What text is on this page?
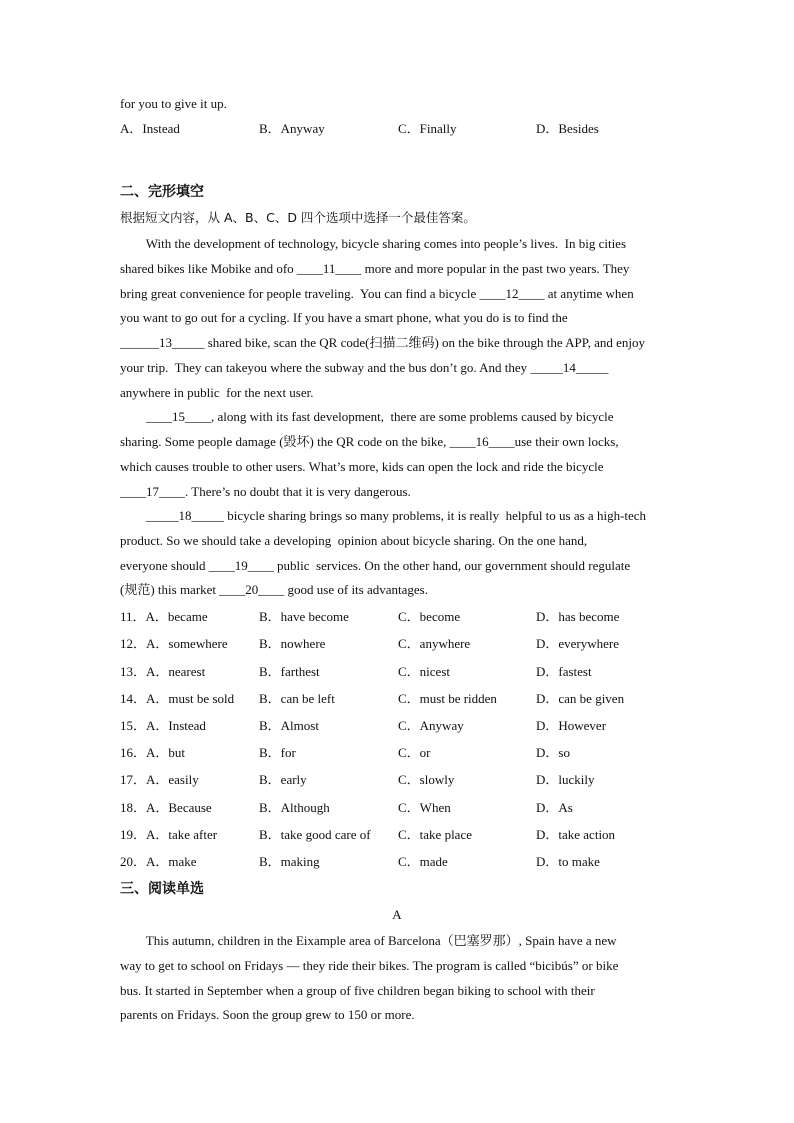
for you to give it up.
A．Instead	B．Anyway	C．Finally	D．Besides
二、完形填空
根据短文内容，从 A、B、C、D 四个选项中选择一个最佳答案。
With the development of technology, bicycle sharing comes into people’s lives.  In big cities
shared bikes like Mobike and ofo ____11____ more and more popular in the past two years. They
bring great convenience for people traveling.  You can find a bicycle ____12____ at anytime when
you want to go out for a cycling. If you have a smart phone, what you do is to find the
______13_____ shared bike, scan the QR code(扫描二维码) on the bike through the APP, and enjoy
your trip.  They can takeyou where the subway and the bus don’t go. And they _____14_____
anywhere in public  for the next user.
____15____, along with its fast development,  there are some problems caused by bicycle
sharing. Some people damage (毁坏) the QR code on the bike, ____16____use their own locks,
which causes trouble to other users. What’s more, kids can open the lock and ride the bicycle
____17____. There’s no doubt that it is very dangerous.
_____18_____ bicycle sharing brings so many problems, it is really  helpful to us as a high-tech
product. So we should take a developing  opinion about bicycle sharing. On the one hand,
everyone should ____19____ public  services. On the other hand, our government should regulate
(规范) this market ____20____ good use of its advantages.
11．A．became	B．have become	C．become	D．has become
12．A．somewhere B．nowhere	C．anywhere	D．everywhere
13．A．nearest	B．farthest	C．nicest	D．fastest
14．A．must be sold B．can be left	C．must be ridden	D．can be given
15．A．Instead	B．Almost	C．Anyway	D．However
16．A．but	B．for	C．or	D．so
17．A．easily	B．early	C．slowly	D．luckily
18．A．Because	B．Although	C．When	D．As
19．A．take after	B．take good care of C．take place	D．take action
20．A．make	B．making	C．made	D．to make
三、阅读单选
A
This autumn, children in the Eixample area of Barcelona（巴塞罗那）, Spain have a new
way to get to school on Fridays — they ride their bikes. The program is called “bicibús” or bike
bus. It started in September when a group of five children began biking to school with their
parents on Fridays. Soon the group grew to 150 or more.
